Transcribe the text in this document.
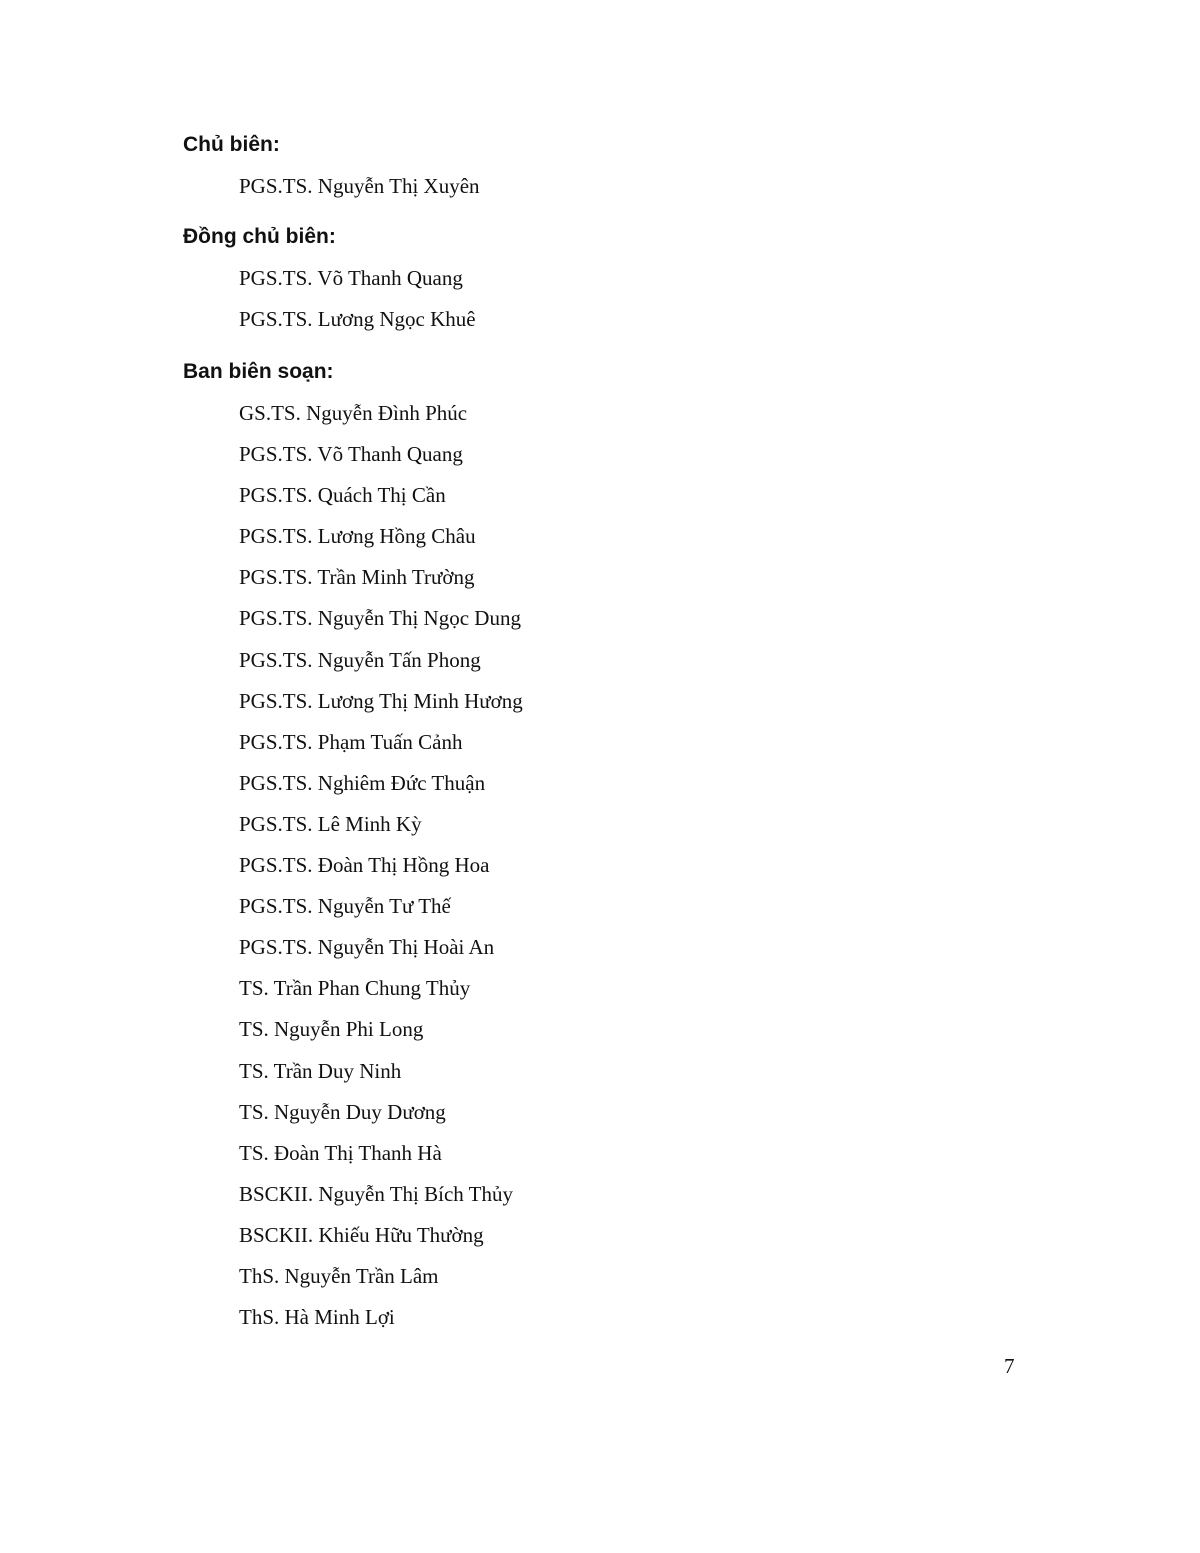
Chủ biên:
PGS.TS. Nguyễn Thị Xuyên
Đồng chủ biên:
PGS.TS. Võ Thanh Quang
PGS.TS. Lương Ngọc Khuê
Ban biên soạn:
GS.TS. Nguyễn Đình Phúc
PGS.TS. Võ Thanh Quang
PGS.TS. Quách Thị Cần
PGS.TS. Lương Hồng Châu
PGS.TS. Trần Minh Trường
PGS.TS. Nguyễn Thị Ngọc Dung
PGS.TS. Nguyễn Tấn Phong
PGS.TS. Lương Thị Minh Hương
PGS.TS. Phạm Tuấn Cảnh
PGS.TS. Nghiêm Đức Thuận
PGS.TS. Lê Minh Kỳ
PGS.TS. Đoàn Thị Hồng Hoa
PGS.TS. Nguyễn Tư Thế
PGS.TS. Nguyễn Thị Hoài An
TS. Trần Phan Chung Thủy
TS. Nguyễn Phi Long
TS. Trần Duy Ninh
TS. Nguyễn Duy Dương
TS. Đoàn Thị Thanh Hà
BSCKII. Nguyễn Thị Bích Thủy
BSCKII. Khiếu Hữu Thường
ThS. Nguyễn Trần Lâm
ThS. Hà Minh Lợi
7
